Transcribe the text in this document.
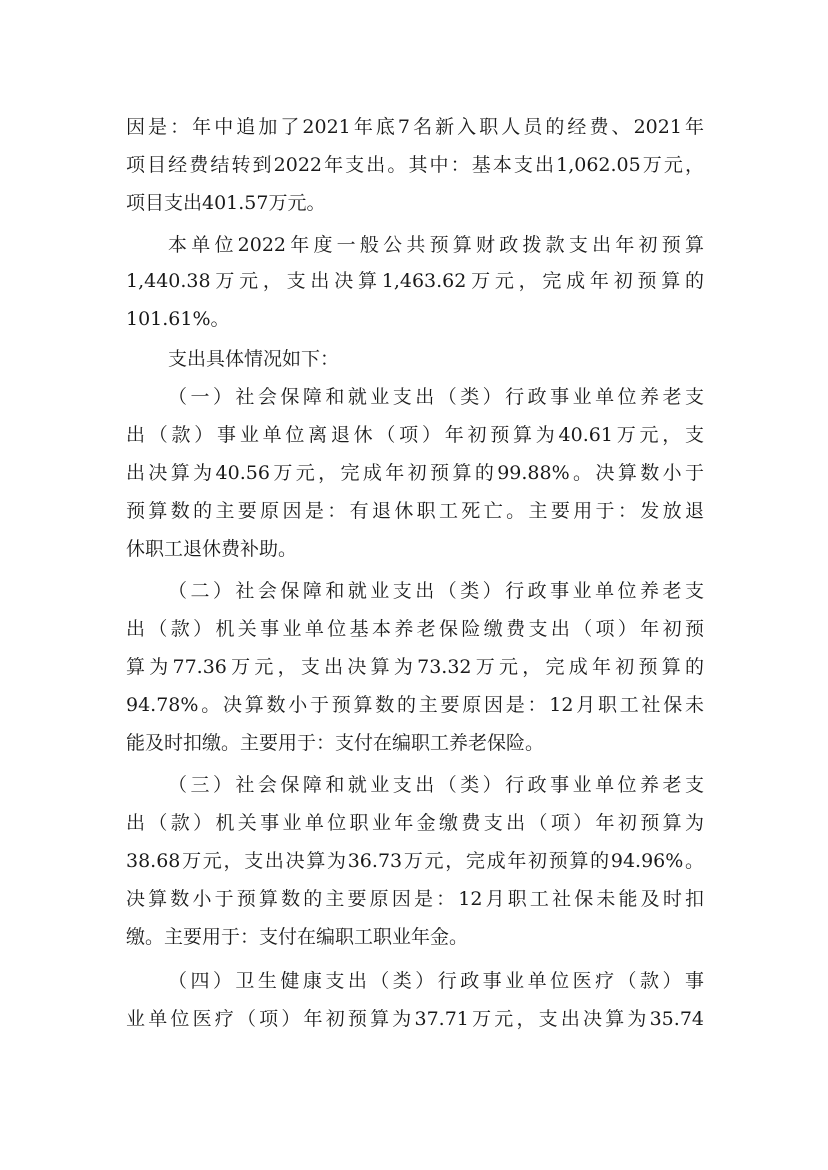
因是：年中追加了2021年底7名新入职人员的经费、2021年
项目经费结转到2022年支出。其中：基本支出1,062.05万元，
项目支出401.57万元。
本单位2022年度一般公共预算财政拨款支出年初预算
1,440.38万元，支出决算1,463.62万元，完成年初预算的
101.61%。
支出具体情况如下：
（一）社会保障和就业支出（类）行政事业单位养老支
出（款）事业单位离退休（项）年初预算为40.61万元，支
出决算为40.56万元，完成年初预算的99.88%。决算数小于
预算数的主要原因是：有退休职工死亡。主要用于：发放退
休职工退休费补助。
（二）社会保障和就业支出（类）行政事业单位养老支
出（款）机关事业单位基本养老保险缴费支出（项）年初预
算为77.36万元，支出决算为73.32万元，完成年初预算的
94.78%。决算数小于预算数的主要原因是：12月职工社保未
能及时扣缴。主要用于：支付在编职工养老保险。
（三）社会保障和就业支出（类）行政事业单位养老支
出（款）机关事业单位职业年金缴费支出（项）年初预算为
38.68万元，支出决算为36.73万元，完成年初预算的94.96%。
决算数小于预算数的主要原因是：12月职工社保未能及时扣
缴。主要用于：支付在编职工职业年金。
（四）卫生健康支出（类）行政事业单位医疗（款）事
业单位医疗（项）年初预算为37.71万元，支出决算为35.74
